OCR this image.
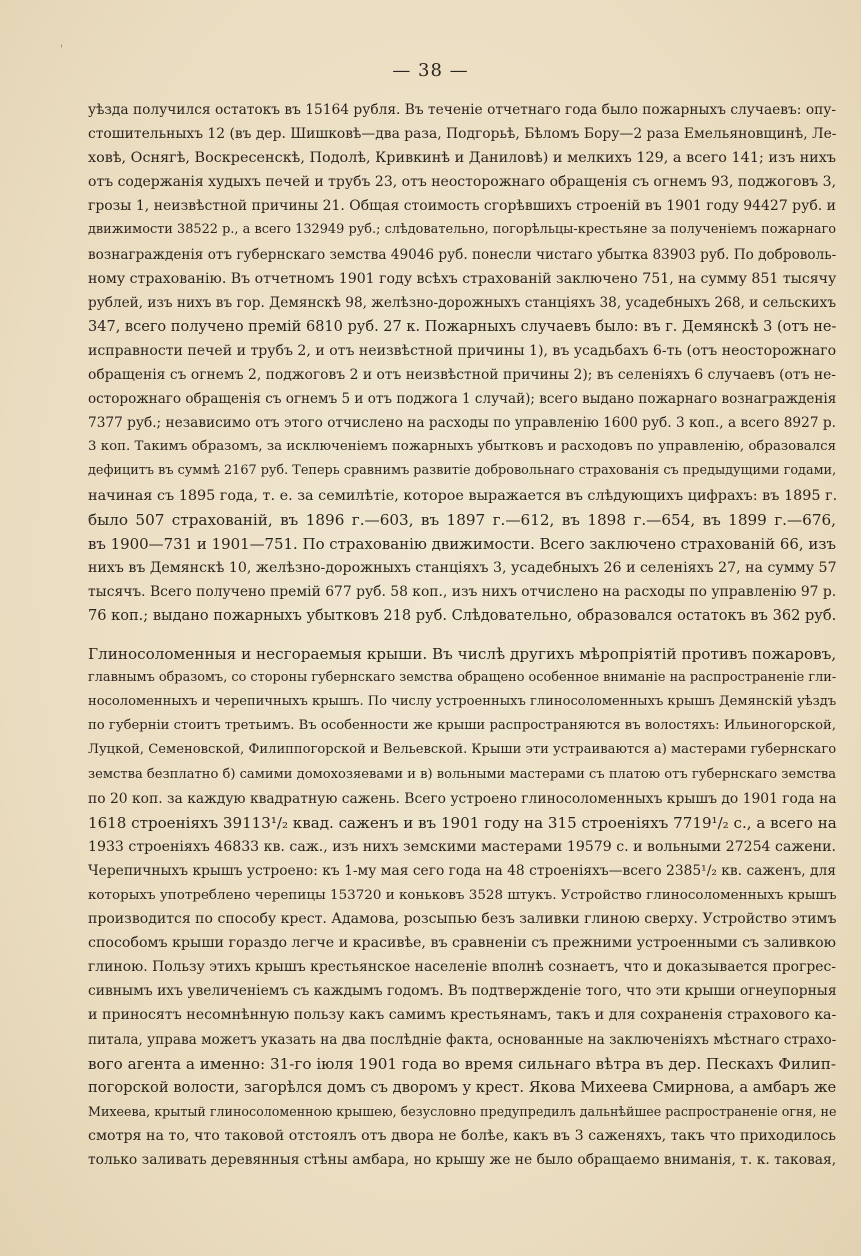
'
— 38 —
уѣзда получился остатокъ въ 15164 рубля. Въ теченіе отчетнаго года было пожарныхъ случаевъ: опу-
стошительныхъ 12 (въ дер. Шишковѣ—два раза, Подгорьѣ, Бѣломъ Бору—2 раза Емельяновщинѣ, Ле-
ховѣ, Оснягѣ, Воскресенскѣ, Подолѣ, Кривкинѣ и Даниловѣ) и мелкихъ 129, а всего 141; изъ нихъ
отъ содержанія худыхъ печей и трубъ 23, отъ неосторожнаго обращенія съ огнемъ 93, поджоговъ 3,
грозы 1, неизвѣстной причины 21. Общая стоимость сгорѣвшихъ строеній въ 1901 году 94427 руб. и
движимости 38522 р., а всего 132949 руб.; слѣдовательно, погорѣльцы-крестьяне за полученіемъ пожарнаго
вознагражденія отъ губернскаго земства 49046 руб. понесли чистаго убытка 83903 руб. По доброволь-
ному страхованію. Въ отчетномъ 1901 году всѣхъ страхованій заключено 751, на сумму 851 тысячу
рублей, изъ нихъ въ гор. Демянскѣ 98, желѣзно-дорожныхъ станціяхъ 38, усадебныхъ 268, и сельскихъ
347, всего получено премій 6810 руб. 27 к. Пожарныхъ случаевъ было: въ г. Демянскѣ 3 (отъ не-
исправности печей и трубъ 2, и отъ неизвѣстной причины 1), въ усадьбахъ 6-ть (отъ неосторожнаго
обращенія съ огнемъ 2, поджоговъ 2 и отъ неизвѣстной причины 2); въ селеніяхъ 6 случаевъ (отъ не-
осторожнаго обращенія съ огнемъ 5 и отъ поджога 1 случай); всего выдано пожарнаго вознагражденія
7377 руб.; независимо отъ этого отчислено на расходы по управленію 1600 руб. 3 коп., а всего 8927 р.
3 коп. Такимъ образомъ, за исключеніемъ пожарныхъ убытковъ и расходовъ по управленію, образовался
дефицитъ въ суммѣ 2167 руб. Теперь сравнимъ развитіе добровольнаго страхованія съ предыдущими годами,
начиная съ 1895 года, т. е. за семилѣтіе, которое выражается въ слѣдующихъ цифрахъ: въ 1895 г.
было 507 страхованій, въ 1896 г.—603, въ 1897 г.—612, въ 1898 г.—654, въ 1899 г.—676,
въ 1900—731 и 1901—751. По страхованію движимости. Всего заключено страхованій 66, изъ
нихъ въ Демянскѣ 10, желѣзно-дорожныхъ станціяхъ 3, усадебныхъ 26 и селеніяхъ 27, на сумму 57
тысячъ. Всего получено премій 677 руб. 58 коп., изъ нихъ отчислено на расходы по управленію 97 р.
76 коп.; выдано пожарныхъ убытковъ 218 руб. Слѣдовательно, образовался остатокъ въ 362 руб.
Глиносоломенныя и несгораемыя крыши. Въ числѣ другихъ мѣропріятій противъ пожаровъ,
главнымъ образомъ, со стороны губернскаго земства обращено особенное вниманіе на распространеніе гли-
носоломенныхъ и черепичныхъ крышъ. По числу устроенныхъ глиносоломенныхъ крышъ Демянскій уѣздъ
по губерніи стоитъ третьимъ. Въ особенности же крыши распространяются въ волостяхъ: Ильиногорской,
Луцкой, Семеновской, Филиппогорской и Вельевской. Крыши эти устраиваются а) мастерами губернскаго
земства безплатно б) самими домохозяевами и в) вольными мастерами съ платою отъ губернскаго земства
по 20 коп. за каждую квадратную сажень. Всего устроено глиносоломенныхъ крышъ до 1901 года на
1618 строеніяхъ 39113¹/₂ квад. саженъ и въ 1901 году на 315 строеніяхъ 7719¹/₂ с., а всего на
1933 строеніяхъ 46833 кв. саж., изъ нихъ земскими мастерами 19579 с. и вольными 27254 сажени.
Черепичныхъ крышъ устроено: къ 1-му мая сего года на 48 строеніяхъ—всего 2385¹/₂ кв. саженъ, для
которыхъ употреблено черепицы 153720 и коньковъ 3528 штукъ. Устройство глиносоломенныхъ крышъ
производится по способу крест. Адамова, розсыпью безъ заливки глиною сверху. Устройство этимъ
способомъ крыши гораздо легче и красивѣе, въ сравненіи съ прежними устроенными съ заливкою
глиною. Пользу этихъ крышъ крестьянское населеніе вполнѣ сознаетъ, что и доказывается прогрес-
сивнымъ ихъ увеличеніемъ съ каждымъ годомъ. Въ подтвержденіе того, что эти крыши огнеупорныя
и приносятъ несомнѣнную пользу какъ самимъ крестьянамъ, такъ и для сохраненія страхового ка-
питала, управа можетъ указать на два послѣдніе факта, основанные на заключеніяхъ мѣстнаго страхо-
вого агента а именно: 31-го іюля 1901 года во время сильнаго вѣтра въ дер. Пескахъ Филип-
погорской волости, загорѣлся домъ съ дворомъ у крест. Якова Михеева Смирнова, а амбаръ же
Михеева, крытый глиносоломенною крышею, безусловно предупредилъ дальнѣйшее распространеніе огня, не
смотря на то, что таковой отстоялъ отъ двора не болѣе, какъ въ 3 саженяхъ, такъ что приходилось
только заливать деревянныя стѣны амбара, но крышу же не было обращаемо вниманія, т. к. таковая,
